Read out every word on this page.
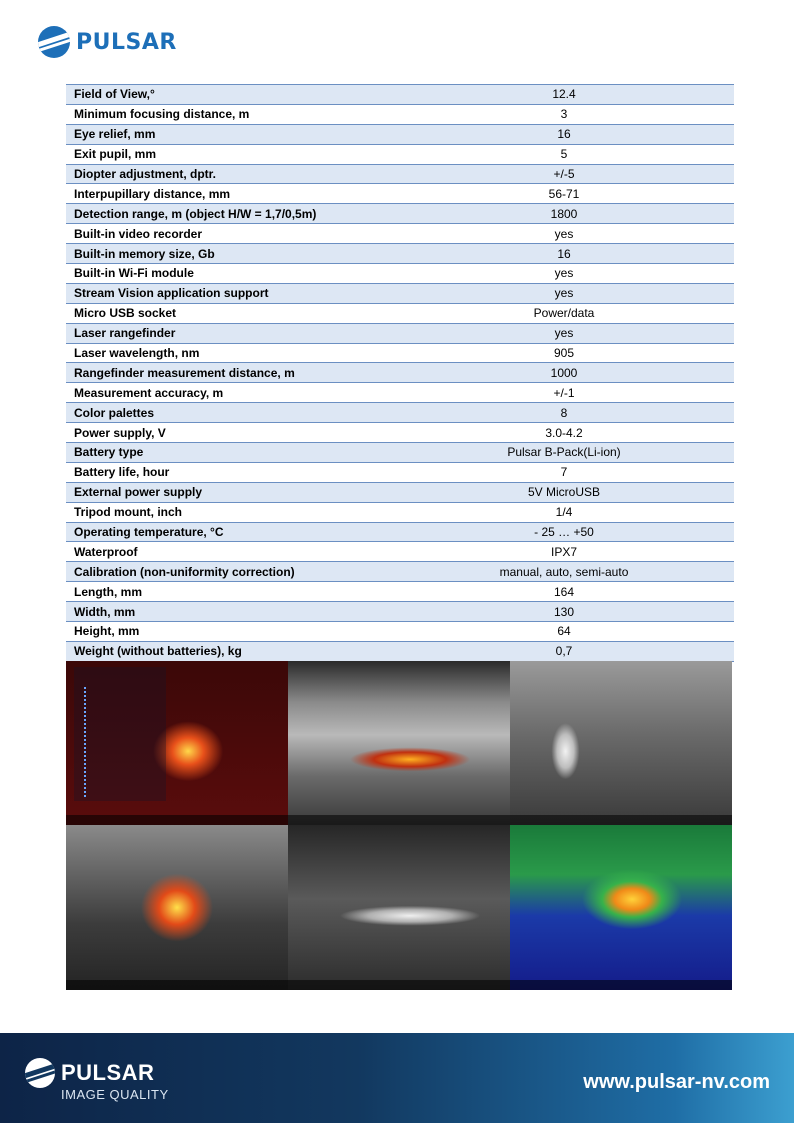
PULSAR
Field of View,°	12.4
Minimum focusing distance, m	3
Eye relief, mm	16
Exit pupil, mm	5
Diopter adjustment, dptr.	+/-5
Interpupillary distance, mm	56-71
Detection range, m (object H/W = 1,7/0,5m)	1800
Built-in video recorder	yes
Built-in memory size, Gb	16
Built-in Wi-Fi module	yes
Stream Vision application support	yes
Micro USB socket	Power/data
Laser rangefinder	yes
Laser wavelength, nm	905
Rangefinder measurement distance, m	1000
Measurement accuracy, m	+/-1
Color palettes	8
Power supply, V	3.0-4.2
Battery type	Pulsar B-Pack(Li-ion)
Battery life, hour	7
External power supply	5V MicroUSB
Tripod mount, inch	1/4
Operating temperature, °C	- 25 … +50
Waterproof	IPX7
Calibration (non-uniformity correction)	manual, auto, semi-auto
Length, mm	164
Width, mm	130
Height, mm	64
Weight (without batteries), kg	0,7
PULSAR
IMAGE QUALITY
www.pulsar-nv.com
